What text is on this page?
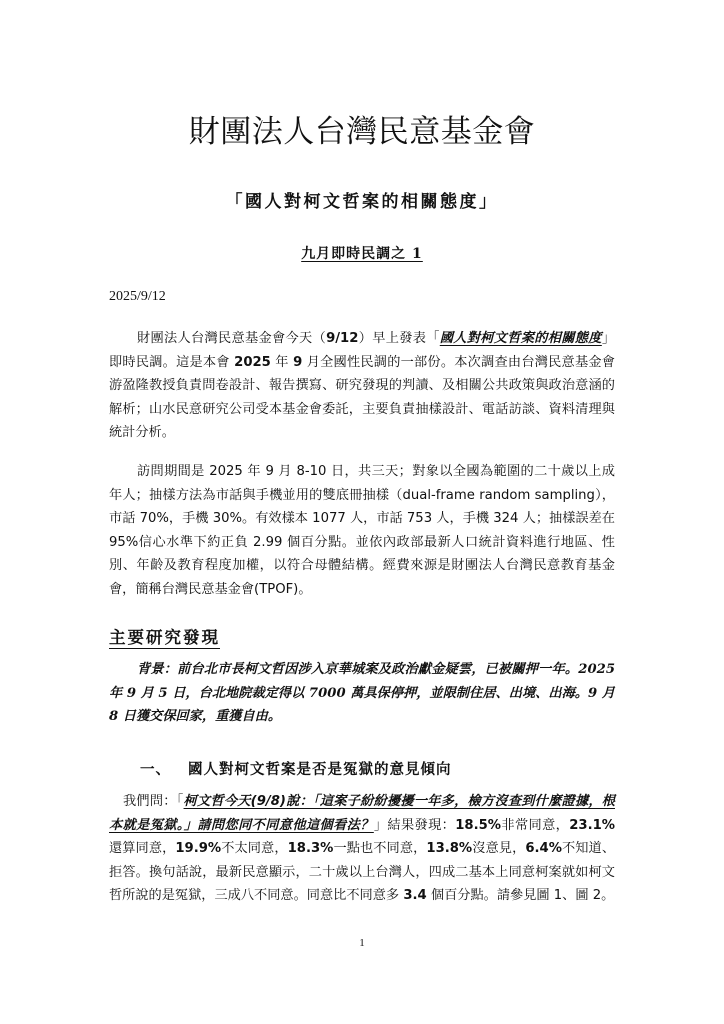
財團法人台灣民意基金會
「國人對柯文哲案的相關態度」
九月即時民調之 1
2025/9/12

財團法人台灣民意基金會今天（9/12）早上發表「國人對柯文哲案的相關態度」即時民調。這是本會 2025 年 9 月全國性民調的一部份。本次調查由台灣民意基金會游盈隆教授負責問卷設計、報告撰寫、研究發現的判讀、及相關公共政策與政治意涵的解析；山水民意研究公司受本基金會委託，主要負責抽樣設計、電話訪談、資料清理與統計分析。

訪問期間是 2025 年 9 月 8-10 日，共三天；對象以全國為範圍的二十歲以上成年人；抽樣方法為市話與手機並用的雙底冊抽樣（dual-frame random sampling），市話 70%，手機 30%。有效樣本 1077 人，市話 753 人，手機 324 人；抽樣誤差在 95%信心水準下約正負 2.99 個百分點。並依內政部最新人口統計資料進行地區、性別、年齡及教育程度加權，以符合母體結構。經費來源是財團法人台灣民意教育基金會，簡稱台灣民意基金會(TPOF)。

主要研究發現

背景：前台北市長柯文哲因涉入京華城案及政治獻金疑雲，已被關押一年。2025 年 9 月 5 日，台北地院裁定得以 7000 萬具保停押，並限制住居、出境、出海。9 月 8 日獲交保回家，重獲自由。

一、 國人對柯文哲案是否是冤獄的意見傾向

我們問：「柯文哲今天(9/8)說：「這案子紛紛擾擾一年多，檢方沒查到什麼證據，根本就是冤獄。」請問您同不同意他這個看法？」結果發現：18.5%非常同意，23.1%還算同意，19.9%不太同意，18.3%一點也不同意，13.8%沒意見，6.4%不知道、拒答。換句話說，最新民意顯示，二十歲以上台灣人，四成二基本上同意柯案就如柯文哲所說的是冤獄，三成八不同意。同意比不同意多 3.4 個百分點。請參見圖 1、圖 2。

1
